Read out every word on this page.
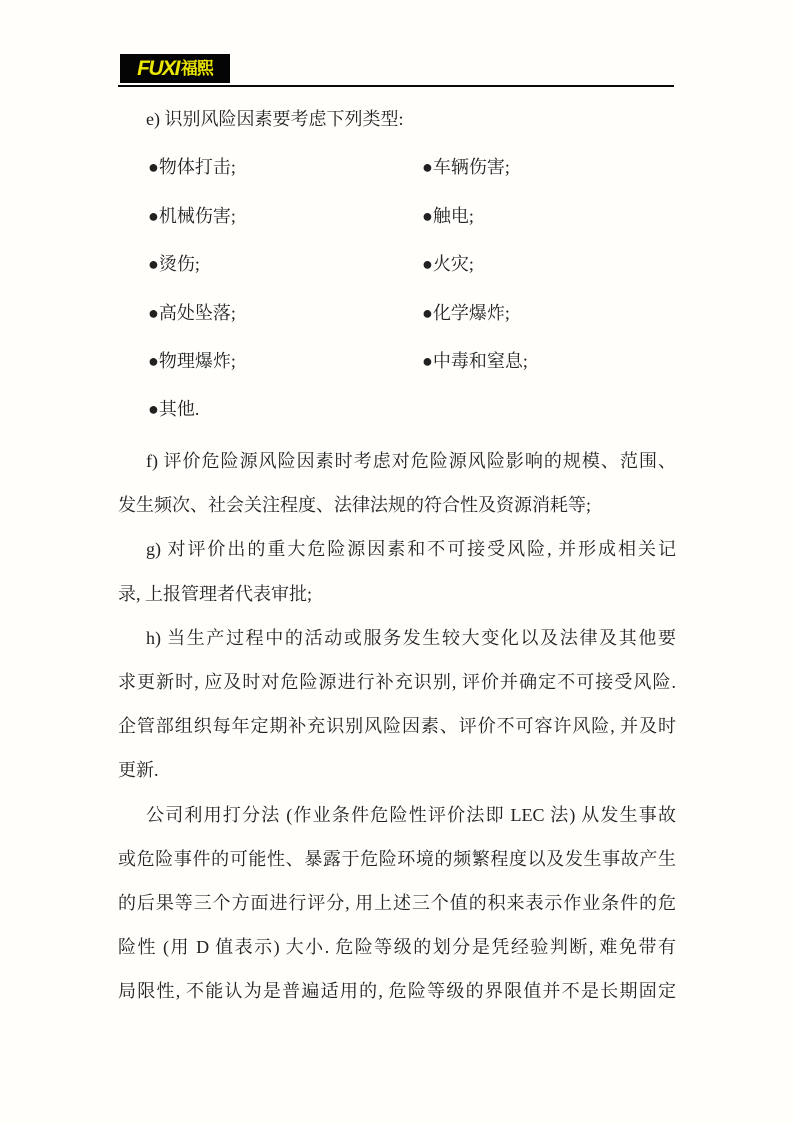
FUXI 福熙
e) 识别风险因素要考虑下列类型:
●物体打击;	●车辆伤害;
●机械伤害;	●触电;
●烫伤;	●火灾;
●高处坠落;	●化学爆炸;
●物理爆炸;	●中毒和窒息;
●其他.
f) 评价危险源风险因素时考虑对危险源风险影响的规模、范围、
发生频次、社会关注程度、法律法规的符合性及资源消耗等;
g) 对评价出的重大危险源因素和不可接受风险, 并形成相关记
录, 上报管理者代表审批;
h) 当生产过程中的活动或服务发生较大变化以及法律及其他要
求更新时, 应及时对危险源进行补充识别, 评价并确定不可接受风险.
企管部组织每年定期补充识别风险因素、评价不可容许风险, 并及时
更新.
公司利用打分法 (作业条件危险性评价法即 LEC 法) 从发生事故
或危险事件的可能性、暴露于危险环境的频繁程度以及发生事故产生
的后果等三个方面进行评分, 用上述三个值的积来表示作业条件的危
险性 (用 D 值表示) 大小. 危险等级的划分是凭经验判断, 难免带有
局限性, 不能认为是普遍适用的, 危险等级的界限值并不是长期固定
